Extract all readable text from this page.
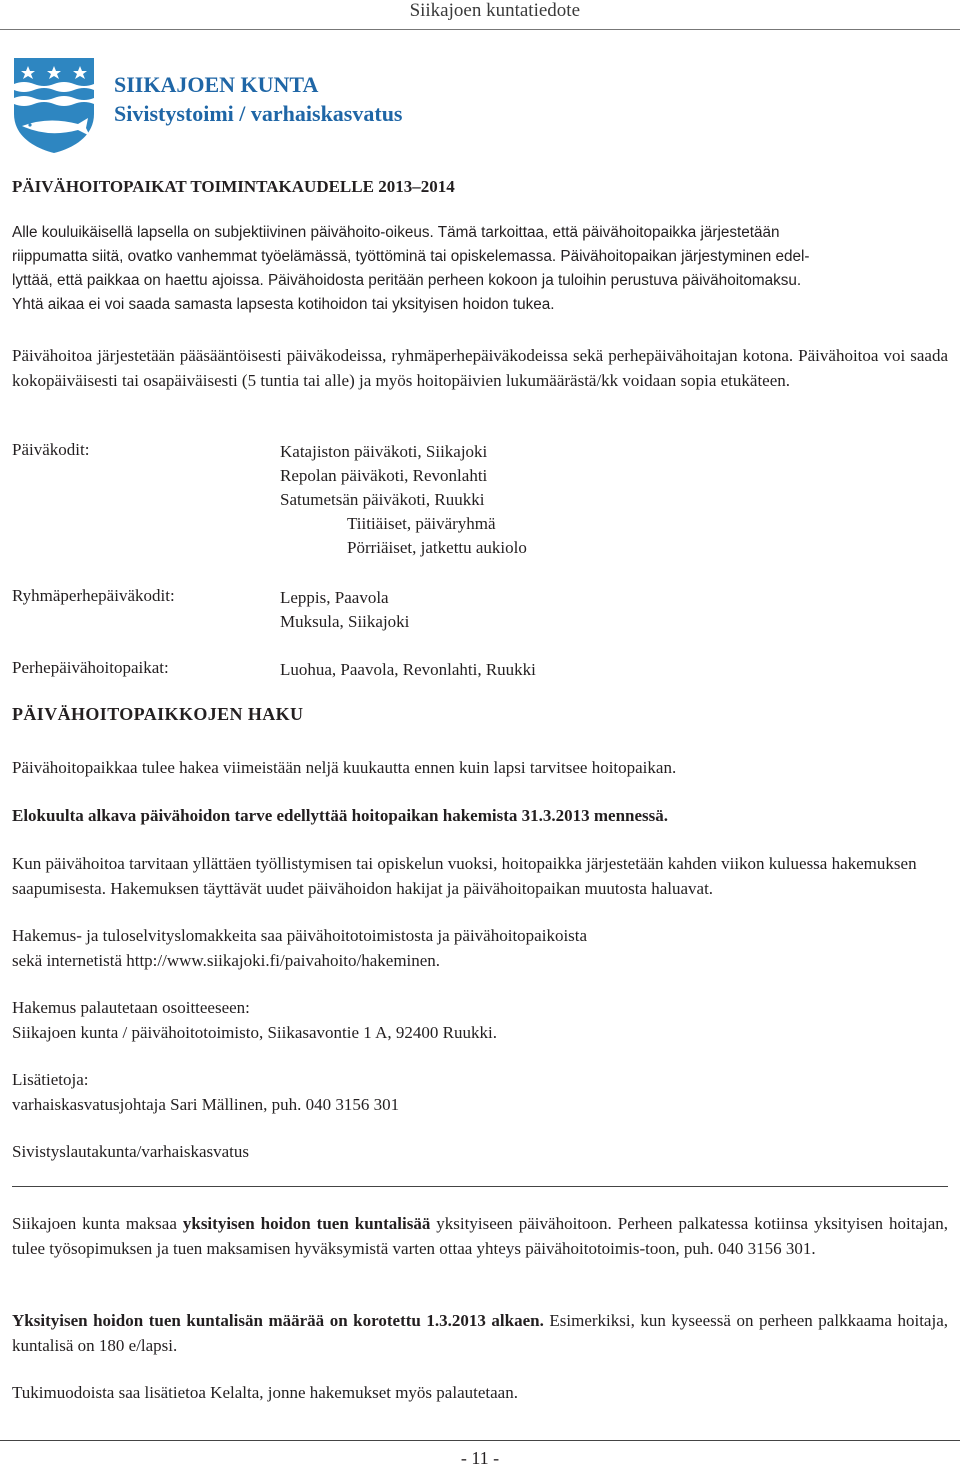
Siikajoen kuntatiedote
SIIKAJOEN KUNTA
Sivistystoimi / varhaiskasvatus
PÄIVÄHOITOPAIKAT TOIMINTAKAUDELLE 2013–2014
Alle kouluikäisellä lapsella on subjektiivinen päivähoito-oikeus. Tämä tarkoittaa, että päivähoitopaikka järjestetään
riippumatta siitä, ovatko vanhemmat työelämässä, työttöminä tai opiskelemassa. Päivähoitopaikan järjestyminen edel-
lyttää, että paikkaa on haettu ajoissa. Päivähoidosta peritään perheen kokoon ja tuloihin perustuva päivähoitomaksu.
Yhtä aikaa ei voi saada samasta lapsesta kotihoidon tai yksityisen hoidon tukea.
Päivähoitoa järjestetään pääsääntöisesti päiväkodeissa, ryhmäperhepäiväkodeissa sekä perhepäivähoitajan kotona. Päivähoitoa voi saada kokopäiväisesti tai osapäiväisesti (5 tuntia tai alle) ja myös hoitopäivien lukumäärästä/kk voidaan sopia etukäteen.
Päiväkodit:	Katajiston päiväkoti, Siikajoki
Repolan päiväkoti, Revonlahti
Satumetsän päiväkoti, Ruukki
Tiitiäiset, päiväryhmä
Pörriäiset, jatkettu aukiolo
Ryhmäperhepäiväkodit:	Leppis, Paavola
Muksula, Siikajoki
Perhepäivähoitopaikat:	Luohua, Paavola, Revonlahti, Ruukki
PÄIVÄHOITOPAIKKOJEN HAKU
Päivähoitopaikkaa tulee hakea viimeistään neljä kuukautta ennen kuin lapsi tarvitsee hoitopaikan.
Elokuulta alkava päivähoidon tarve edellyttää hoitopaikan hakemista 31.3.2013 mennessä.
Kun päivähoitoa tarvitaan yllättäen työllistymisen tai opiskelun vuoksi, hoitopaikka järjestetään kahden viikon kuluessa hakemuksen saapumisesta. Hakemuksen täyttävät uudet päivähoidon hakijat ja päivähoitopaikan muutosta haluavat.
Hakemus- ja tuloselvityslomakkeita saa päivähoitotoimistosta ja päivähoitopaikoista
sekä internetistä http://www.siikajoki.fi/paivahoito/hakeminen.
Hakemus palautetaan osoitteeseen:
Siikajoen kunta / päivähoitotoimisto, Siikasavontie 1 A, 92400 Ruukki.
Lisätietoja:
varhaiskasvatusjohtaja Sari Mällinen, puh. 040 3156 301
Sivistyslautakunta/varhaiskasvatus
Siikajoen kunta maksaa yksityisen hoidon tuen kuntalisää yksityiseen päivähoitoon. Perheen palkatessa kotiinsa yksityisen hoitajan, tulee työsopimuksen ja tuen maksamisen hyväksymistä varten ottaa yhteys päivähoitotoimis-toon, puh. 040 3156 301.
Yksityisen hoidon tuen kuntalisän määrää on korotettu 1.3.2013 alkaen. Esimerkiksi, kun kyseessä on perheen palkkaama hoitaja, kuntalisä on 180 e/lapsi.
Tukimuodoista saa lisätietoa Kelalta, jonne hakemukset myös palautetaan.
- 11 -
